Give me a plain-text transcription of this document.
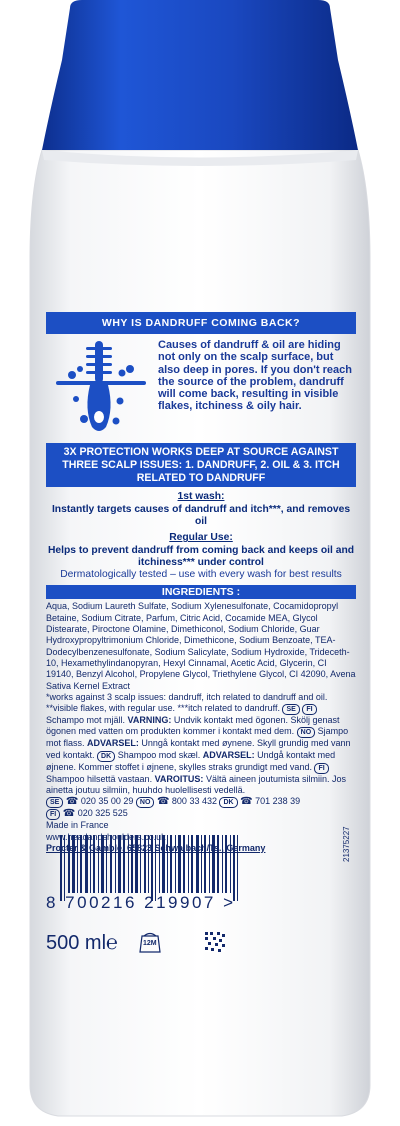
WHY IS DANDRUFF COMING BACK?
Causes of dandruff & oil are hiding not only on the scalp surface, but also deep in pores. If you don't reach the source of the problem, dandruff will come back, resulting in visible flakes, itchiness & oily hair.
3X PROTECTION WORKS DEEP AT SOURCE AGAINST THREE SCALP ISSUES: 1. DANDRUFF, 2. OIL & 3. ITCH RELATED TO DANDRUFF
1st wash:
Instantly targets causes of dandruff and itch***, and removes oil
Regular Use:
Helps to prevent dandruff from coming back and keeps oil and itchiness*** under control
Dermatologically tested – use with every wash for best results
INGREDIENTS :
Aqua, Sodium Laureth Sulfate, Sodium Xylenesulfonate, Cocamidopropyl Betaine, Sodium Citrate, Parfum, Citric Acid, Cocamide MEA, Glycol Distearate, Piroctone Olamine, Dimethiconol, Sodium Chloride, Guar Hydroxypropyltrimonium Chloride, Dimethicone, Sodium Benzoate, TEA-Dodecylbenzenesulfonate, Sodium Salicylate, Sodium Hydroxide, Trideceth-10, Hexamethylindanopyran, Hexyl Cinnamal, Acetic Acid, Glycerin, CI 19140, Benzyl Alcohol, Propylene Glycol, Triethylene Glycol, CI 42090, Avena Sativa Kernel Extract
*works against 3 scalp issues: dandruff, itch related to dandruff and oil. **visible flakes, with regular use. ***itch related to dandruff. SE FI Schampo mot mjäll. VARNING: Undvik kontakt med ögonen. Skölj genast ögonen med vatten om produkten kommer i kontakt med dem. NO Sjampo mot flass. ADVARSEL: Unngå kontakt med øynene. Skyll grundig med vann ved kontakt. DK Shampoo mod skæl. ADVARSEL: Undgå kontakt med øjnene. Kommer stoffet i øjnene, skylles straks grundigt med vand. FI Shampoo hilsettä vastaan. VAROITUS: Vältä aineen joutumista silmiin. Jos ainetta joutuu silmiin, huuhdo huolellisesti vedellä.
SE ☎ 020 35 00 29 NO ☎ 800 33 432 DK ☎ 701 238 39
FI ☎ 020 325 525
Made in France
www.headandshoulders.co.uk
Procter & Gamble, 65823 Schwalbach/Ts., Germany
8 700216 219907 >
21375227
500 ml℮	12M
